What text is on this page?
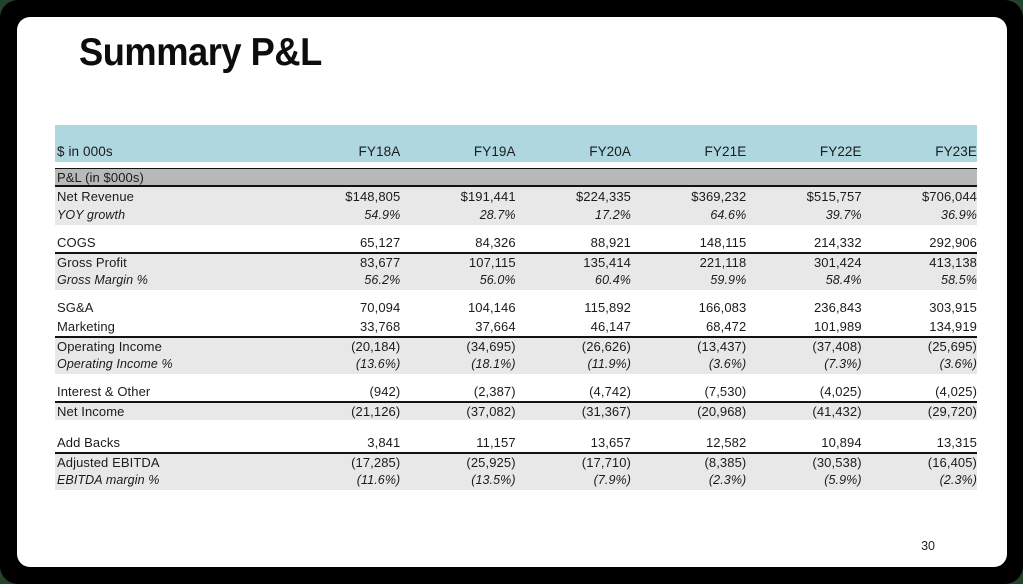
Summary P&L
$ in 000s	FY18A	FY19A	FY20A	FY21E	FY22E	FY23E
P&L (in $000s)
Net Revenue	$148,805	$191,441	$224,335	$369,232	$515,757	$706,044
YOY growth	54.9%	28.7%	17.2%	64.6%	39.7%	36.9%
COGS	65,127	84,326	88,921	148,115	214,332	292,906
Gross Profit	83,677	107,115	135,414	221,118	301,424	413,138
Gross Margin %	56.2%	56.0%	60.4%	59.9%	58.4%	58.5%
SG&A	70,094	104,146	115,892	166,083	236,843	303,915
Marketing	33,768	37,664	46,147	68,472	101,989	134,919
Operating Income	(20,184)	(34,695)	(26,626)	(13,437)	(37,408)	(25,695)
Operating Income %	(13.6%)	(18.1%)	(11.9%)	(3.6%)	(7.3%)	(3.6%)
Interest & Other	(942)	(2,387)	(4,742)	(7,530)	(4,025)	(4,025)
Net Income	(21,126)	(37,082)	(31,367)	(20,968)	(41,432)	(29,720)
Add Backs	3,841	11,157	13,657	12,582	10,894	13,315
Adjusted EBITDA	(17,285)	(25,925)	(17,710)	(8,385)	(30,538)	(16,405)
EBITDA margin %	(11.6%)	(13.5%)	(7.9%)	(2.3%)	(5.9%)	(2.3%)
30
